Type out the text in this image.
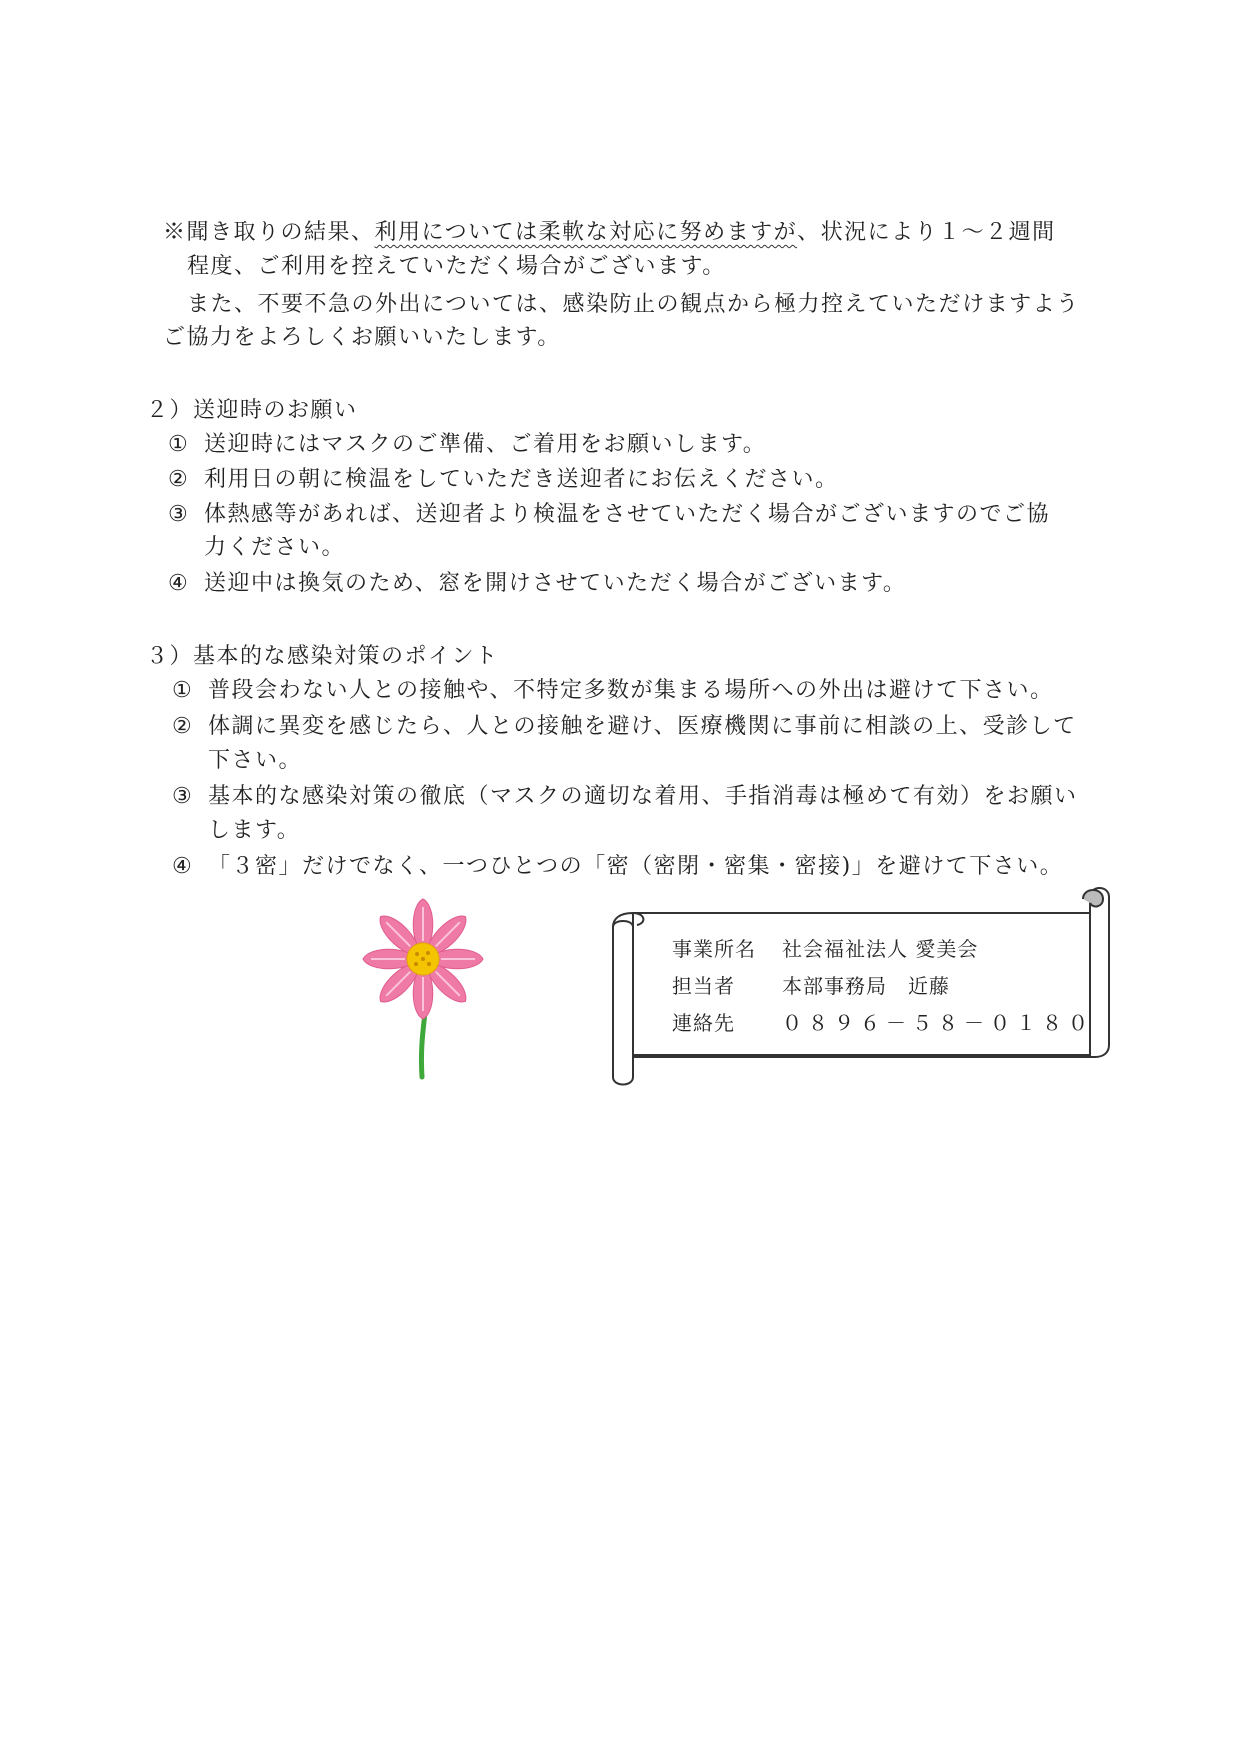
※聞き取りの結果、利用については柔軟な対応に努めますが、状況により１～２週間
程度、ご利用を控えていただく場合がございます。
また、不要不急の外出については、感染防止の観点から極力控えていただけますよう
ご協力をよろしくお願いいたします。
２）送迎時のお願い
① 送迎時にはマスクのご準備、ご着用をお願いします。
② 利用日の朝に検温をしていただき送迎者にお伝えください。
③ 体熱感等があれば、送迎者より検温をさせていただく場合がございますのでご協
力ください。
④ 送迎中は換気のため、窓を開けさせていただく場合がございます。
３）基本的な感染対策のポイント
① 普段会わない人との接触や、不特定多数が集まる場所への外出は避けて下さい。
② 体調に異変を感じたら、人との接触を避け、医療機関に事前に相談の上、受診して
下さい。
③ 基本的な感染対策の徹底（マスクの適切な着用、手指消毒は極めて有効）をお願い
します。
④ 「３密」だけでなく、一つひとつの「密（密閉・密集・密接)」を避けて下さい。
事業所名 社会福祉法人 愛美会
担当者 本部事務局　近藤
連絡先 ０８９６－５８－０１８０
